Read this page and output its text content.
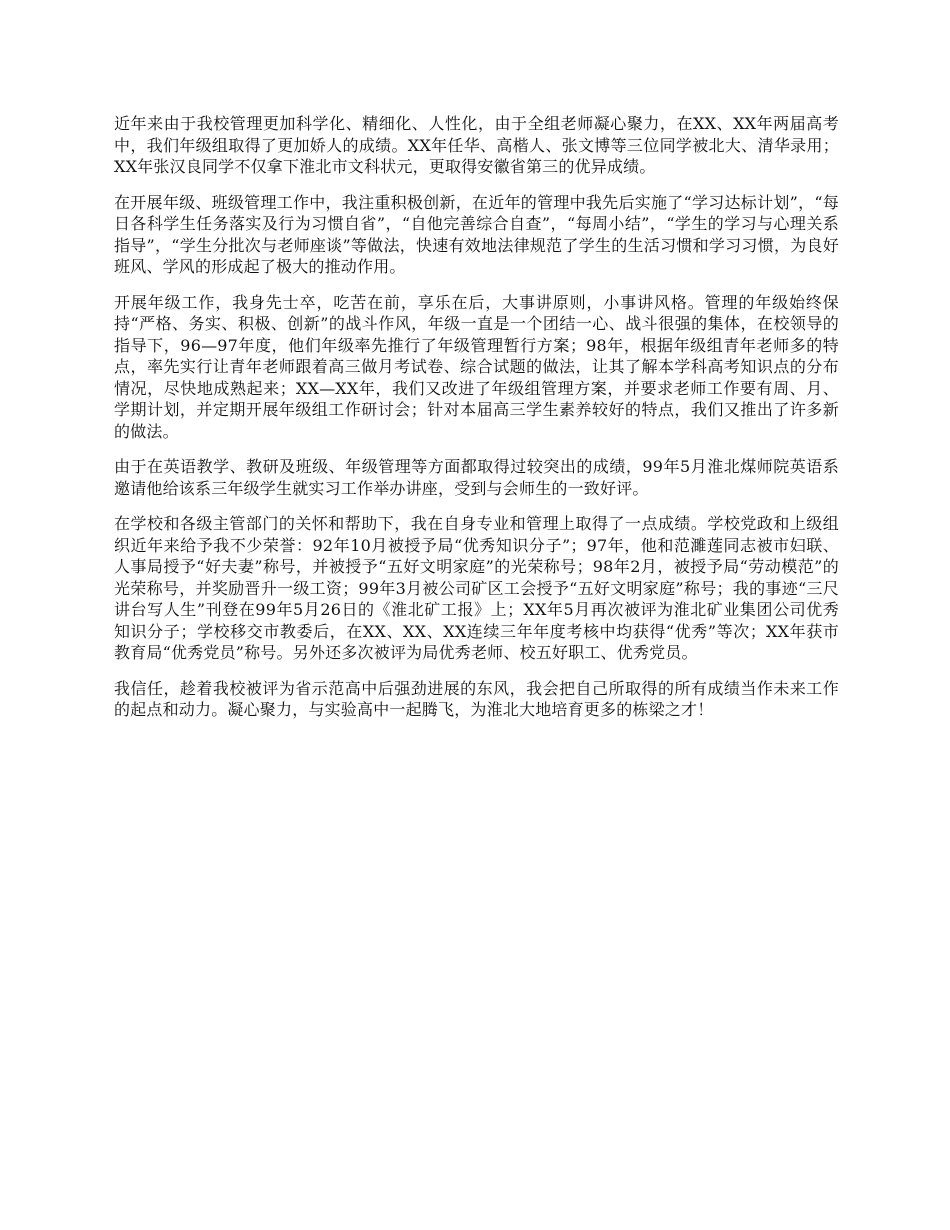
近年来由于我校管理更加科学化、精细化、人性化，由于全组老师凝心聚力，在XX、XX年两届高考中，我们年级组取得了更加娇人的成绩。XX年任华、高楷人、张文博等三位同学被北大、清华录用；XX年张汉良同学不仅拿下淮北市文科状元，更取得安徽省第三的优异成绩。

在开展年级、班级管理工作中，我注重积极创新，在近年的管理中我先后实施了“学习达标计划”，“每日各科学生任务落实及行为习惯自省”，“自他完善综合自查”，“每周小结”，“学生的学习与心理关系指导”，“学生分批次与老师座谈”等做法，快速有效地法律规范了学生的生活习惯和学习习惯，为良好班风、学风的形成起了极大的推动作用。

开展年级工作，我身先士卒，吃苦在前，享乐在后，大事讲原则，小事讲风格。管理的年级始终保持“严格、务实、积极、创新”的战斗作风，年级一直是一个团结一心、战斗很强的集体，在校领导的指导下，96—97年度，他们年级率先推行了年级管理暂行方案；98年，根据年级组青年老师多的特点，率先实行让青年老师跟着高三做月考试卷、综合试题的做法，让其了解本学科高考知识点的分布情况，尽快地成熟起来；XX—XX年，我们又改进了年级组管理方案，并要求老师工作要有周、月、学期计划，并定期开展年级组工作研讨会；针对本届高三学生素养较好的特点，我们又推出了许多新的做法。

由于在英语教学、教研及班级、年级管理等方面都取得过较突出的成绩，99年5月淮北煤师院英语系邀请他给该系三年级学生就实习工作举办讲座，受到与会师生的一致好评。

在学校和各级主管部门的关怀和帮助下，我在自身专业和管理上取得了一点成绩。学校党政和上级组织近年来给予我不少荣誉：92年10月被授予局“优秀知识分子”；97年，他和范濉莲同志被市妇联、人事局授予“好夫妻”称号，并被授予“五好文明家庭”的光荣称号；98年2月，被授予局“劳动模范”的光荣称号，并奖励晋升一级工资；99年3月被公司矿区工会授予“五好文明家庭”称号；我的事迹“三尺讲台写人生”刊登在99年5月26日的《淮北矿工报》上；XX年5月再次被评为淮北矿业集团公司优秀知识分子；学校移交市教委后，在XX、XX、XX连续三年年度考核中均获得“优秀”等次；XX年获市教育局“优秀党员”称号。另外还多次被评为局优秀老师、校五好职工、优秀党员。

我信任，趁着我校被评为省示范高中后强劲进展的东风，我会把自己所取得的所有成绩当作未来工作的起点和动力。凝心聚力，与实验高中一起腾飞，为淮北大地培育更多的栋梁之才！
